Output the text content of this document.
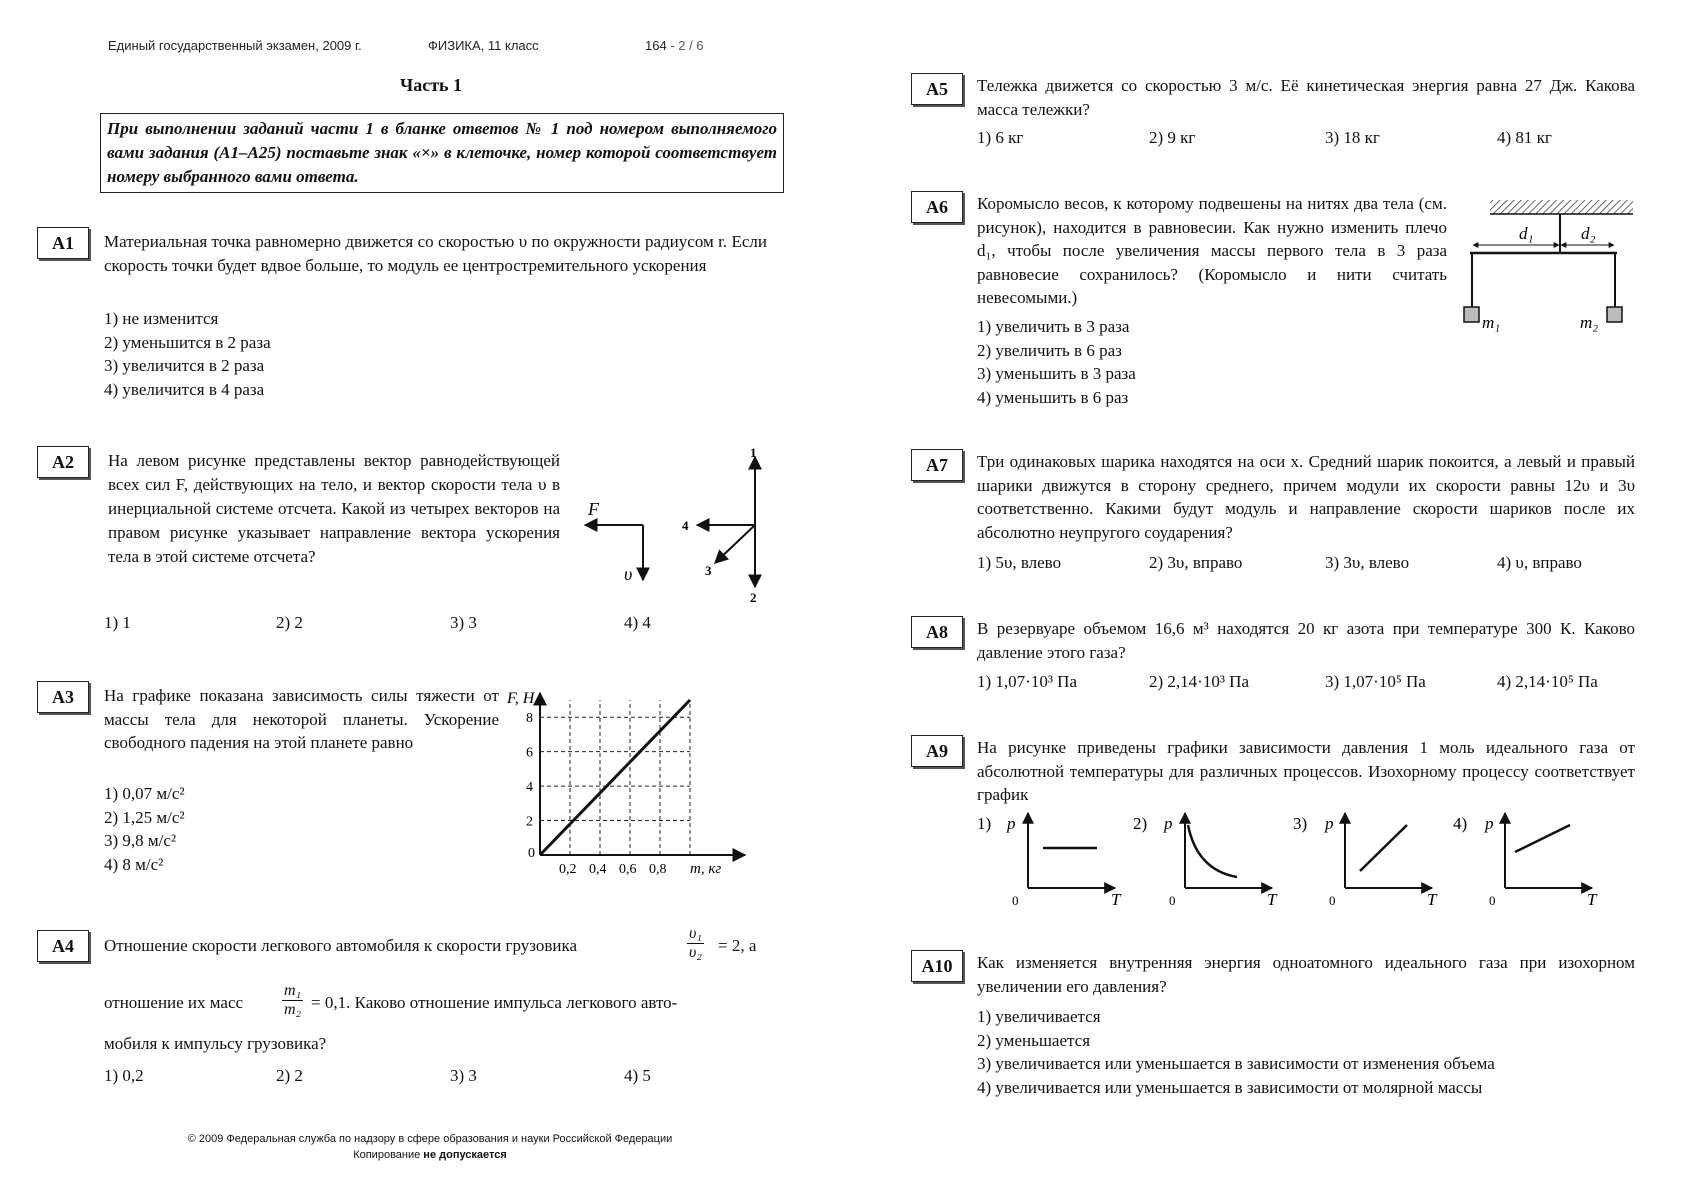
Единый государственный экзамен, 2009 г.	ФИЗИКА, 11 класс	164 - 2 / 6
Часть 1
При выполнении заданий части 1 в бланке ответов № 1 под номером выполняемого вами задания (А1–А25) поставьте знак «×» в клеточке, номер которой соответствует номеру выбранного вами ответа.
А1	Материальная точка равномерно движется со скоростью υ по окружности радиусом r. Если скорость точки будет вдвое больше, то модуль ее центростремительного ускорения
1) не изменится
2) уменьшится в 2 раза
3) увеличится в 2 раза
4) увеличится в 4 раза
А2	На левом рисунке представлены вектор равнодействующей всех сил F, действующих на тело, и вектор скорости тела υ в инерциальной системе отсчета. Какой из четырех векторов на правом рисунке указывает направление вектора ускорения тела в этой системе отсчета?
F
υ
1
2
3
4
1) 1	2) 2	3) 3	4) 4
А3	На графике показана зависимость силы тяжести от массы тела для некоторой планеты. Ускорение свободного падения на этой планете равно
1) 0,07 м/с²
2) 1,25 м/с²
3) 9,8 м/с²
4) 8 м/с²	0,2 0,4 0,6 0,8
2
4
6
8
0
F, Н
m, кг
А4	Отношение скорости легкового автомобиля к скорости грузовика	$\frac{\text{υ₁}}{\text{υ₂}} = 2$, а
отношение их масс $\frac{\text{m₁}}{\text{m₂}} = 0,1$. Каково отношение импульса легкового авто-
мобиля к импульсу грузовика?
1) 0,2	2) 2	3) 3	4) 5
© 2009 Федеральная служба по надзору в сфере образования и науки Российской Федерации
Копирование не допускается
А5	Тележка движется со скоростью 3 м/с. Её кинетическая энергия равна 27 Дж. Какова масса тележки?
1) 6 кг	2) 9 кг	3) 18 кг	4) 81 кг
А6	Коромысло весов, к которому подвешены на нитях два тела (см. рисунок), находится в равновесии. Как нужно изменить плечо d₁, чтобы после увеличения массы первого тела в 3 раза равновесие сохранилось? (Коромысло и нити считать невесомыми.)
1) увеличить в 3 раза
2) увеличить в 6 раз
3) уменьшить в 3 раза
4) уменьшить в 6 раз
d₁	d₂
m₁	m₂
А7	Три одинаковых шарика находятся на оси x. Средний шарик покоится, а левый и правый шарики движутся в сторону среднего, причем модули их скорости равны 12υ и 3υ соответственно. Какими будут модуль и направление скорости шариков после их абсолютно неупругого соударения?
1) 5υ, влево	2) 3υ, вправо	3) 3υ, влево	4) υ, вправо
А8	В резервуаре объемом 16,6 м³ находятся 20 кг азота при температуре 300 К. Каково давление этого газа?
1) 1,07·10³ Па	2) 2,14·10³ Па	3) 1,07·10⁵ Па	4) 2,14·10⁵ Па
А9	На рисунке приведены графики зависимости давления 1 моль идеального газа от абсолютной температуры для различных процессов. Изохорному процессу соответствует график
1) p
T
0
2) p
T
0
3) p
T
0
4) p
T
0
А10	Как изменяется внутренняя энергия одноатомного идеального газа при изохорном увеличении его давления?
1) увеличивается
2) уменьшается
3) увеличивается или уменьшается в зависимости от изменения объема
4) увеличивается или уменьшается в зависимости от молярной массы
